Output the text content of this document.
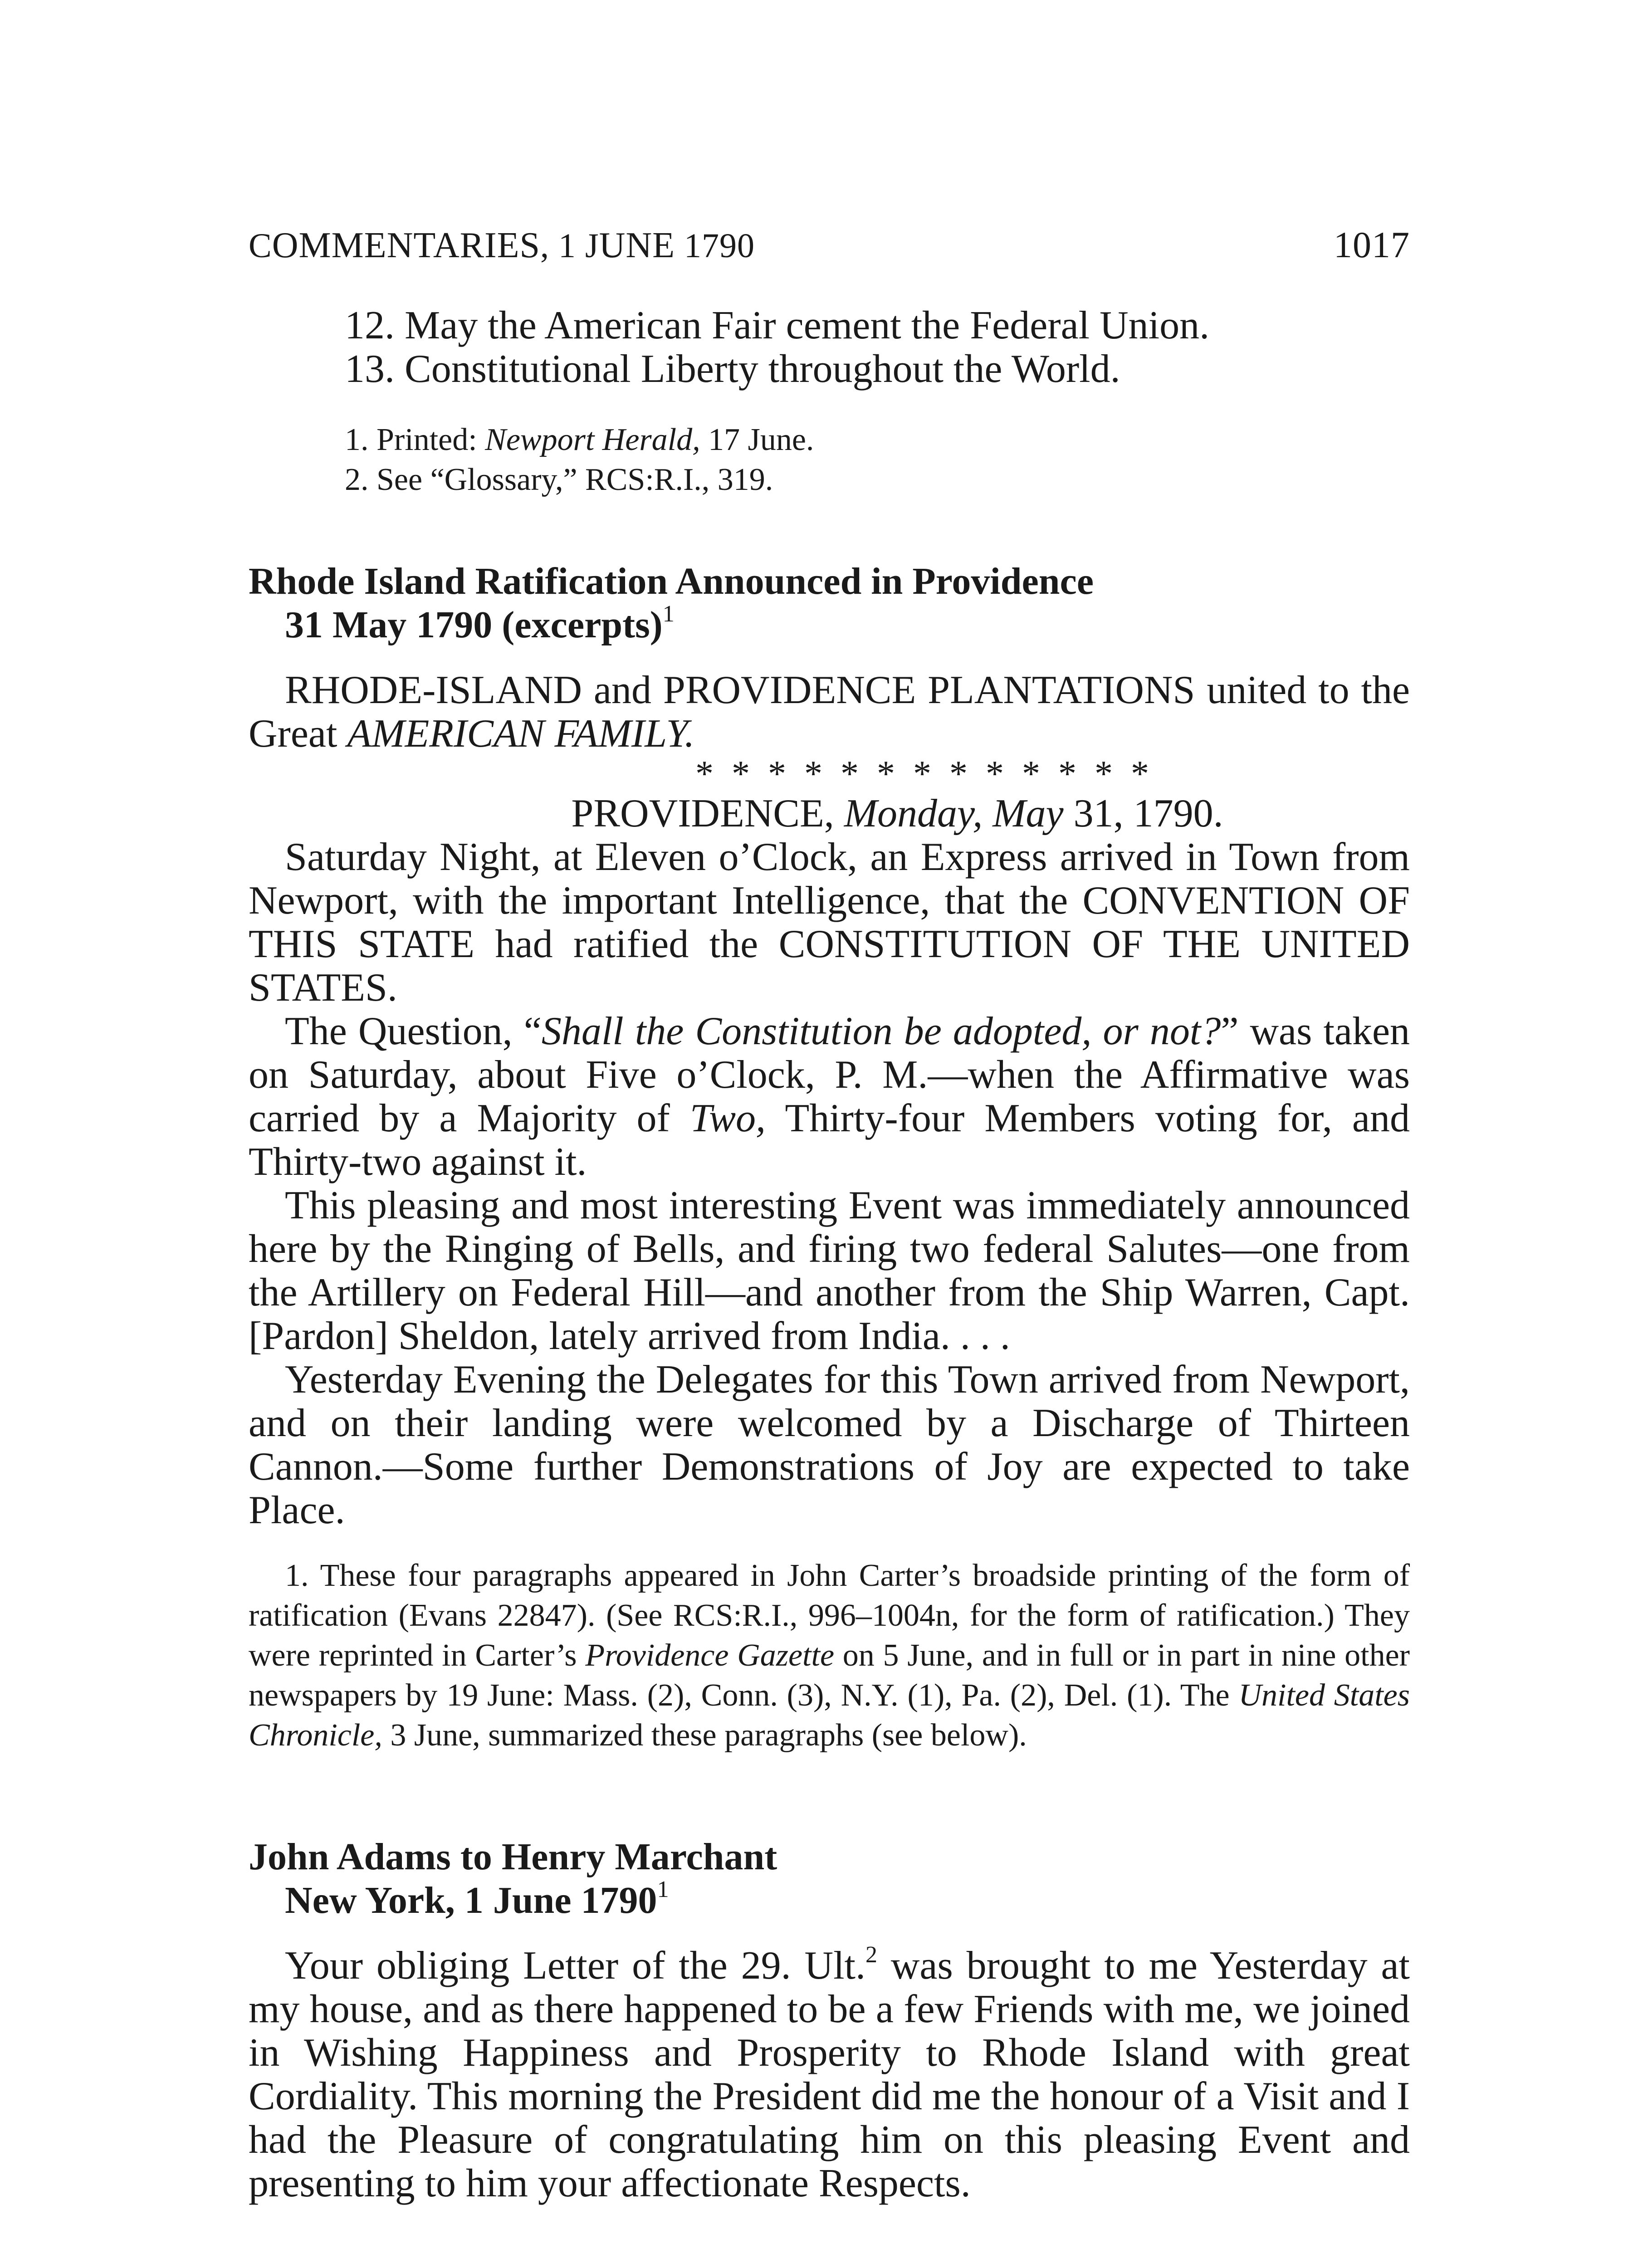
COMMENTARIES, 1 JUNE 1790	1017
12. May the American Fair cement the Federal Union.
13. Constitutional Liberty throughout the World.
1. Printed: Newport Herald, 17 June.
2. See “Glossary,” RCS:R.I., 319.
Rhode Island Ratification Announced in Providence
31 May 1790 (excerpts)$^1$

RHODE-ISLAND and PROVIDENCE PLANTATIONS united to the Great AMERICAN FAMILY.

* * * * * * * * * * * * *

PROVIDENCE, Monday, May 31, 1790.

Saturday Night, at Eleven o’Clock, an Express arrived in Town from Newport, with the important Intelligence, that the CONVENTION OF THIS STATE had ratified the CONSTITUTION OF THE UNITED STATES.

The Question, “Shall the Constitution be adopted, or not?” was taken on Saturday, about Five o’Clock, P. M.—when the Affirmative was carried by a Majority of Two, Thirty-four Members voting for, and Thirty-two against it.

This pleasing and most interesting Event was immediately announced here by the Ringing of Bells, and firing two federal Salutes—one from the Artillery on Federal Hill—and another from the Ship Warren, Capt. [Pardon] Sheldon, lately arrived from India. . . .

Yesterday Evening the Delegates for this Town arrived from Newport, and on their landing were welcomed by a Discharge of Thirteen Cannon.—Some further Demonstrations of Joy are expected to take Place.

1. These four paragraphs appeared in John Carter’s broadside printing of the form of ratification (Evans 22847). (See RCS:R.I., 996–1004n, for the form of ratification.) They were reprinted in Carter’s Providence Gazette on 5 June, and in full or in part in nine other newspapers by 19 June: Mass. (2), Conn. (3), N.Y. (1), Pa. (2), Del. (1). The United States Chronicle, 3 June, summarized these paragraphs (see below).

John Adams to Henry Marchant
New York, 1 June 1790$^1$

Your obliging Letter of the 29. Ult.$^2$ was brought to me Yesterday at my house, and as there happened to be a few Friends with me, we joined in Wishing Happiness and Prosperity to Rhode Island with great Cordiality. This morning the President did me the honour of a Visit and I had the Pleasure of congratulating him on this pleasing Event and presenting to him your affectionate Respects.
